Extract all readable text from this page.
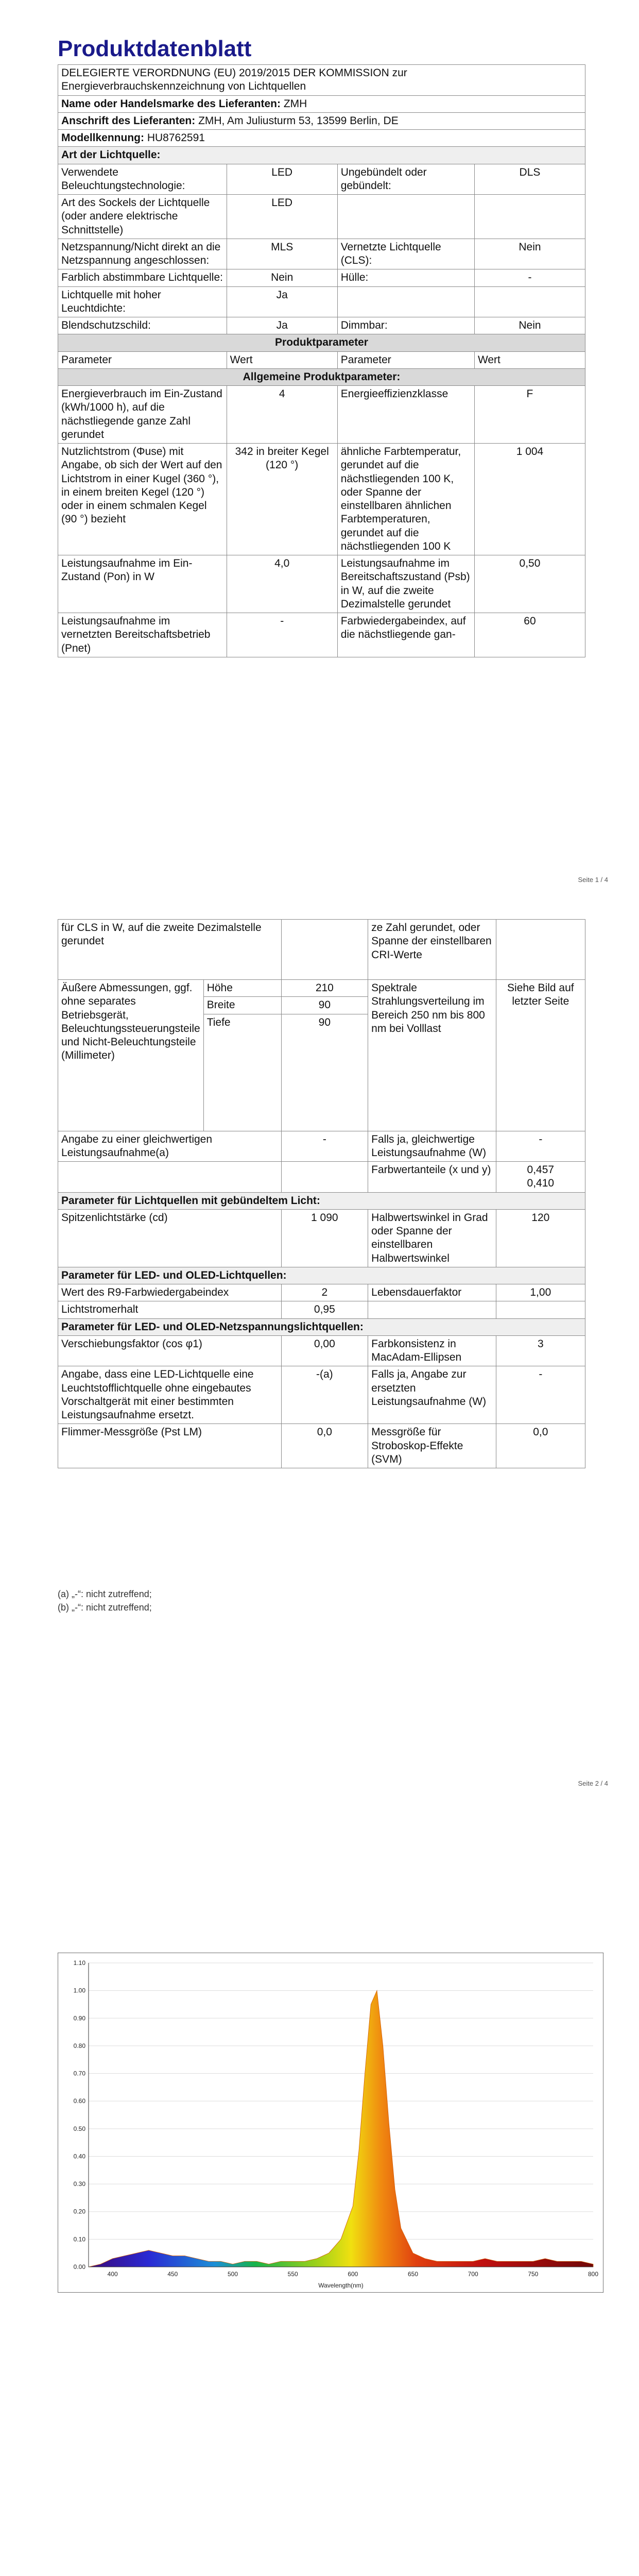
Produktdatenblatt
DELEGIERTE VERORDNUNG (EU) 2019/2015 DER KOMMISSION zur
Energieverbrauchskennzeichnung von Lichtquellen			

Name oder Handelsmarke des Lieferanten: ZMH			
Anschrift des Lieferanten: ZMH, Am Juliusturm 53, 13599 Berlin, DE			
Modellkennung: HU8762591			
Art der Lichtquelle:			
Verwendete Beleuchtungstechnologie:	LED	Ungebündelt oder gebündelt:	DLS
Art des Sockels der Lichtquelle (oder andere elektrische Schnittstelle)	LED		
Netzspannung/Nicht direkt an die Netzspannung angeschlossen:	MLS	Vernetzte Lichtquelle (CLS):	Nein
Farblich abstimmbare Lichtquelle:	Nein	Hülle:	-
Lichtquelle mit hoher Leuchtdichte:	Ja		
Blendschutzschild:	Ja	Dimmbar:	Nein
Produktparameter			
Parameter	Wert	Parameter	Wert
Allgemeine Produktparameter:			
Energieverbrauch im Ein-Zustand (kWh/1000 h), auf die nächstliegende ganze Zahl gerundet	4	Energieeffizienzklasse	F
Nutzlichtstrom (Φuse) mit Angabe, ob sich der Wert auf den Lichtstrom in einer Kugel (360 °), in einem breiten Kegel (120 °) oder in einem schmalen Kegel (90 °) bezieht	342 in breiter Kegel (120 °)	ähnliche Farbtemperatur, gerundet auf die nächstliegenden 100 K, oder Spanne der einstellbaren ähnlichen Farbtemperaturen, gerundet auf die nächstliegenden 100 K	1 004
Leistungsaufnahme im Ein-Zustand (Pon) in W	4,0	Leistungsaufnahme im Bereitschaftszustand (Psb) in W, auf die zweite Dezimalstelle gerundet	0,50
Leistungsaufnahme im vernetzten Bereitschaftsbetrieb (Pnet)	-	Farbwiedergabeindex, auf die nächstliegende gan-	60
Seite 1 / 4
für CLS in W, auf die zweite Dezimalstelle gerundet			ze Zahl gerundet, oder Spanne der einstellbaren CRI-Werte	
Äußere Abmessungen, ggf. ohne separates Betriebsgerät, Beleuchtungssteuerungsteile und Nicht-Beleuchtungsteile (Millimeter)	Höhe	210	Spektrale Strahlungsverteilung im Bereich 250 nm bis 800 nm bei Volllast	Siehe Bild auf letzter Seite
	Breite	90		
	Tiefe	90		
Angabe zu einer gleichwertigen Leistungsaufnahme(a)		-	Falls ja, gleichwertige Leistungsaufnahme (W)	-
			Farbwertanteile (x und y)	0,457
0,410

Parameter für Lichtquellen mit gebündeltem Licht:				
Spitzenlichtstärke (cd)		1 090	Halbwertswinkel in Grad oder Spanne der einstellbaren Halbwertswinkel	120
Parameter für LED- und OLED-Lichtquellen:				
Wert des R9-Farbwiedergabeindex		2	Lebensdauerfaktor	1,00
Lichtstromerhalt		0,95		
Parameter für LED- und OLED-Netzspannungslichtquellen:				
Verschiebungsfaktor (cos φ1)		0,00	Farbkonsistenz in MacAdam-Ellipsen	3
Angabe, dass eine LED-Lichtquelle eine Leuchtstofflichtquelle ohne eingebautes Vorschaltgerät mit einer bestimmten Leistungsaufnahme ersetzt.		-(a)	Falls ja, Angabe zur ersetzten Leistungsaufnahme (W)	-
Flimmer-Messgröße (Pst LM)		0,0	Messgröße für Stroboskop-Effekte (SVM)	0,0
(a) „-“: nicht zutreffend;
(b) „-“: nicht zutreffend;
Seite 2 / 4
0.00
0.10
0.20
0.30
0.40
0.50
0.60
0.70
0.80
0.90
1.00
1.10
400	450	500	550	600	650	700	750	800
Wavelength(nm)
